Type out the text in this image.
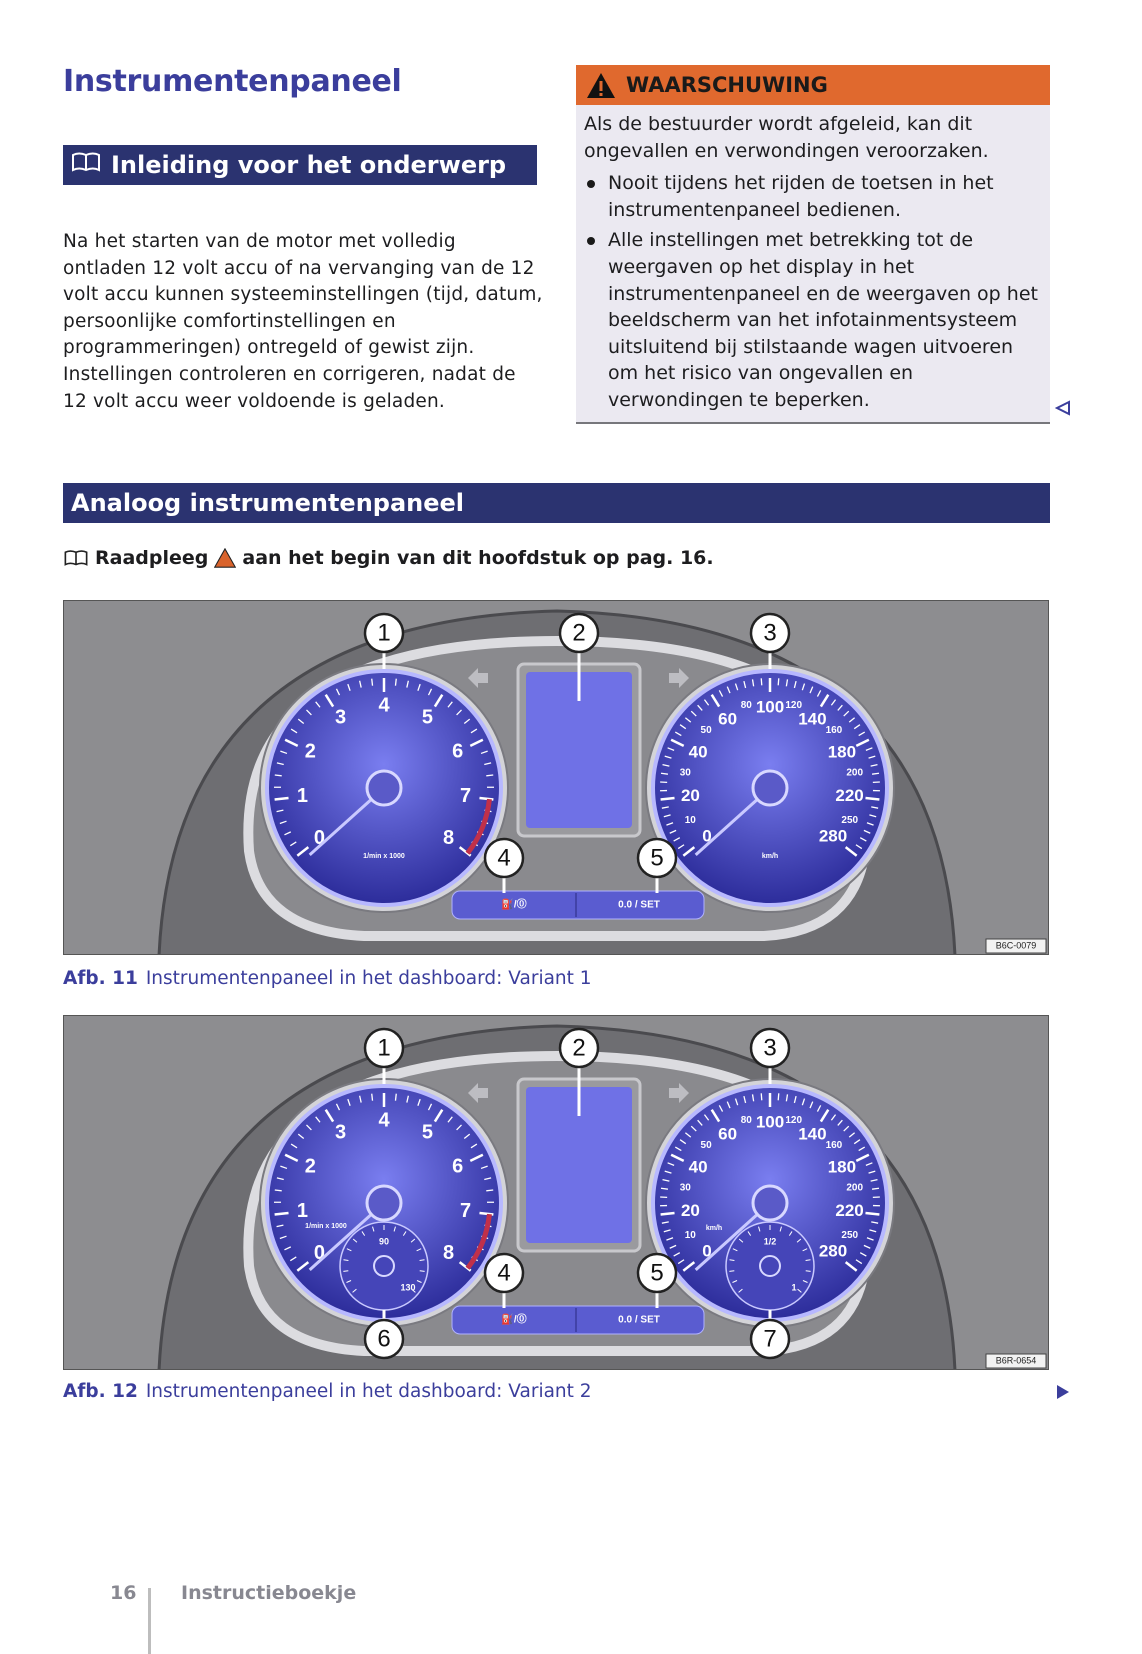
Instrumentenpaneel
Inleiding voor het onderwerp
Na het starten van de motor met volledig ontladen 12 volt accu of na vervanging van de 12 volt accu kunnen systeeminstellingen (tijd, datum, persoonlijke comfortinstellingen en programmeringen) ontregeld of gewist zijn. Instellingen controleren en corrigeren, nadat de 12 volt accu weer voldoende is geladen.
WAARSCHUWING
Als de bestuurder wordt afgeleid, kan dit ongevallen en verwondingen veroorzaken.
Nooit tijdens het rijden de toetsen in het instrumentenpaneel bedienen.
Alle instellingen met betrekking tot de weergaven op het display in het instrumentenpaneel en de weergaven op het beeldscherm van het infotainmentsysteem uitsluitend bij stilstaande wagen uitvoeren om het risico van ongevallen en verwondingen te beperken.
Analoog instrumentenpaneel
Raadpleeg aan het begin van dit hoofdstuk op pag. 16.
0
1
2
3
4
5
6
7
8
1/min x 1000
0
10
20
30
40
50
60
80 100 120
140
160
180
200
220
250
280
km/h
⛽/⓪	0.0 / SET
1	2	3
4	5
B6C-0079
Afb. 11 Instrumentenpaneel in het dashboard: Variant 1
0
1
2
3
4
5
6
7
8
1/min x 1000
0
10
20
30
40
50
60
80 100 120
140
160
180
200
220
250
280
km/h
90
130
1/2
1
⛽/⓪	0.0 / SET
1	2	3
4	5
6	7
B6R-0654
Afb. 12 Instrumentenpaneel in het dashboard: Variant 2
16 Instructieboekje
